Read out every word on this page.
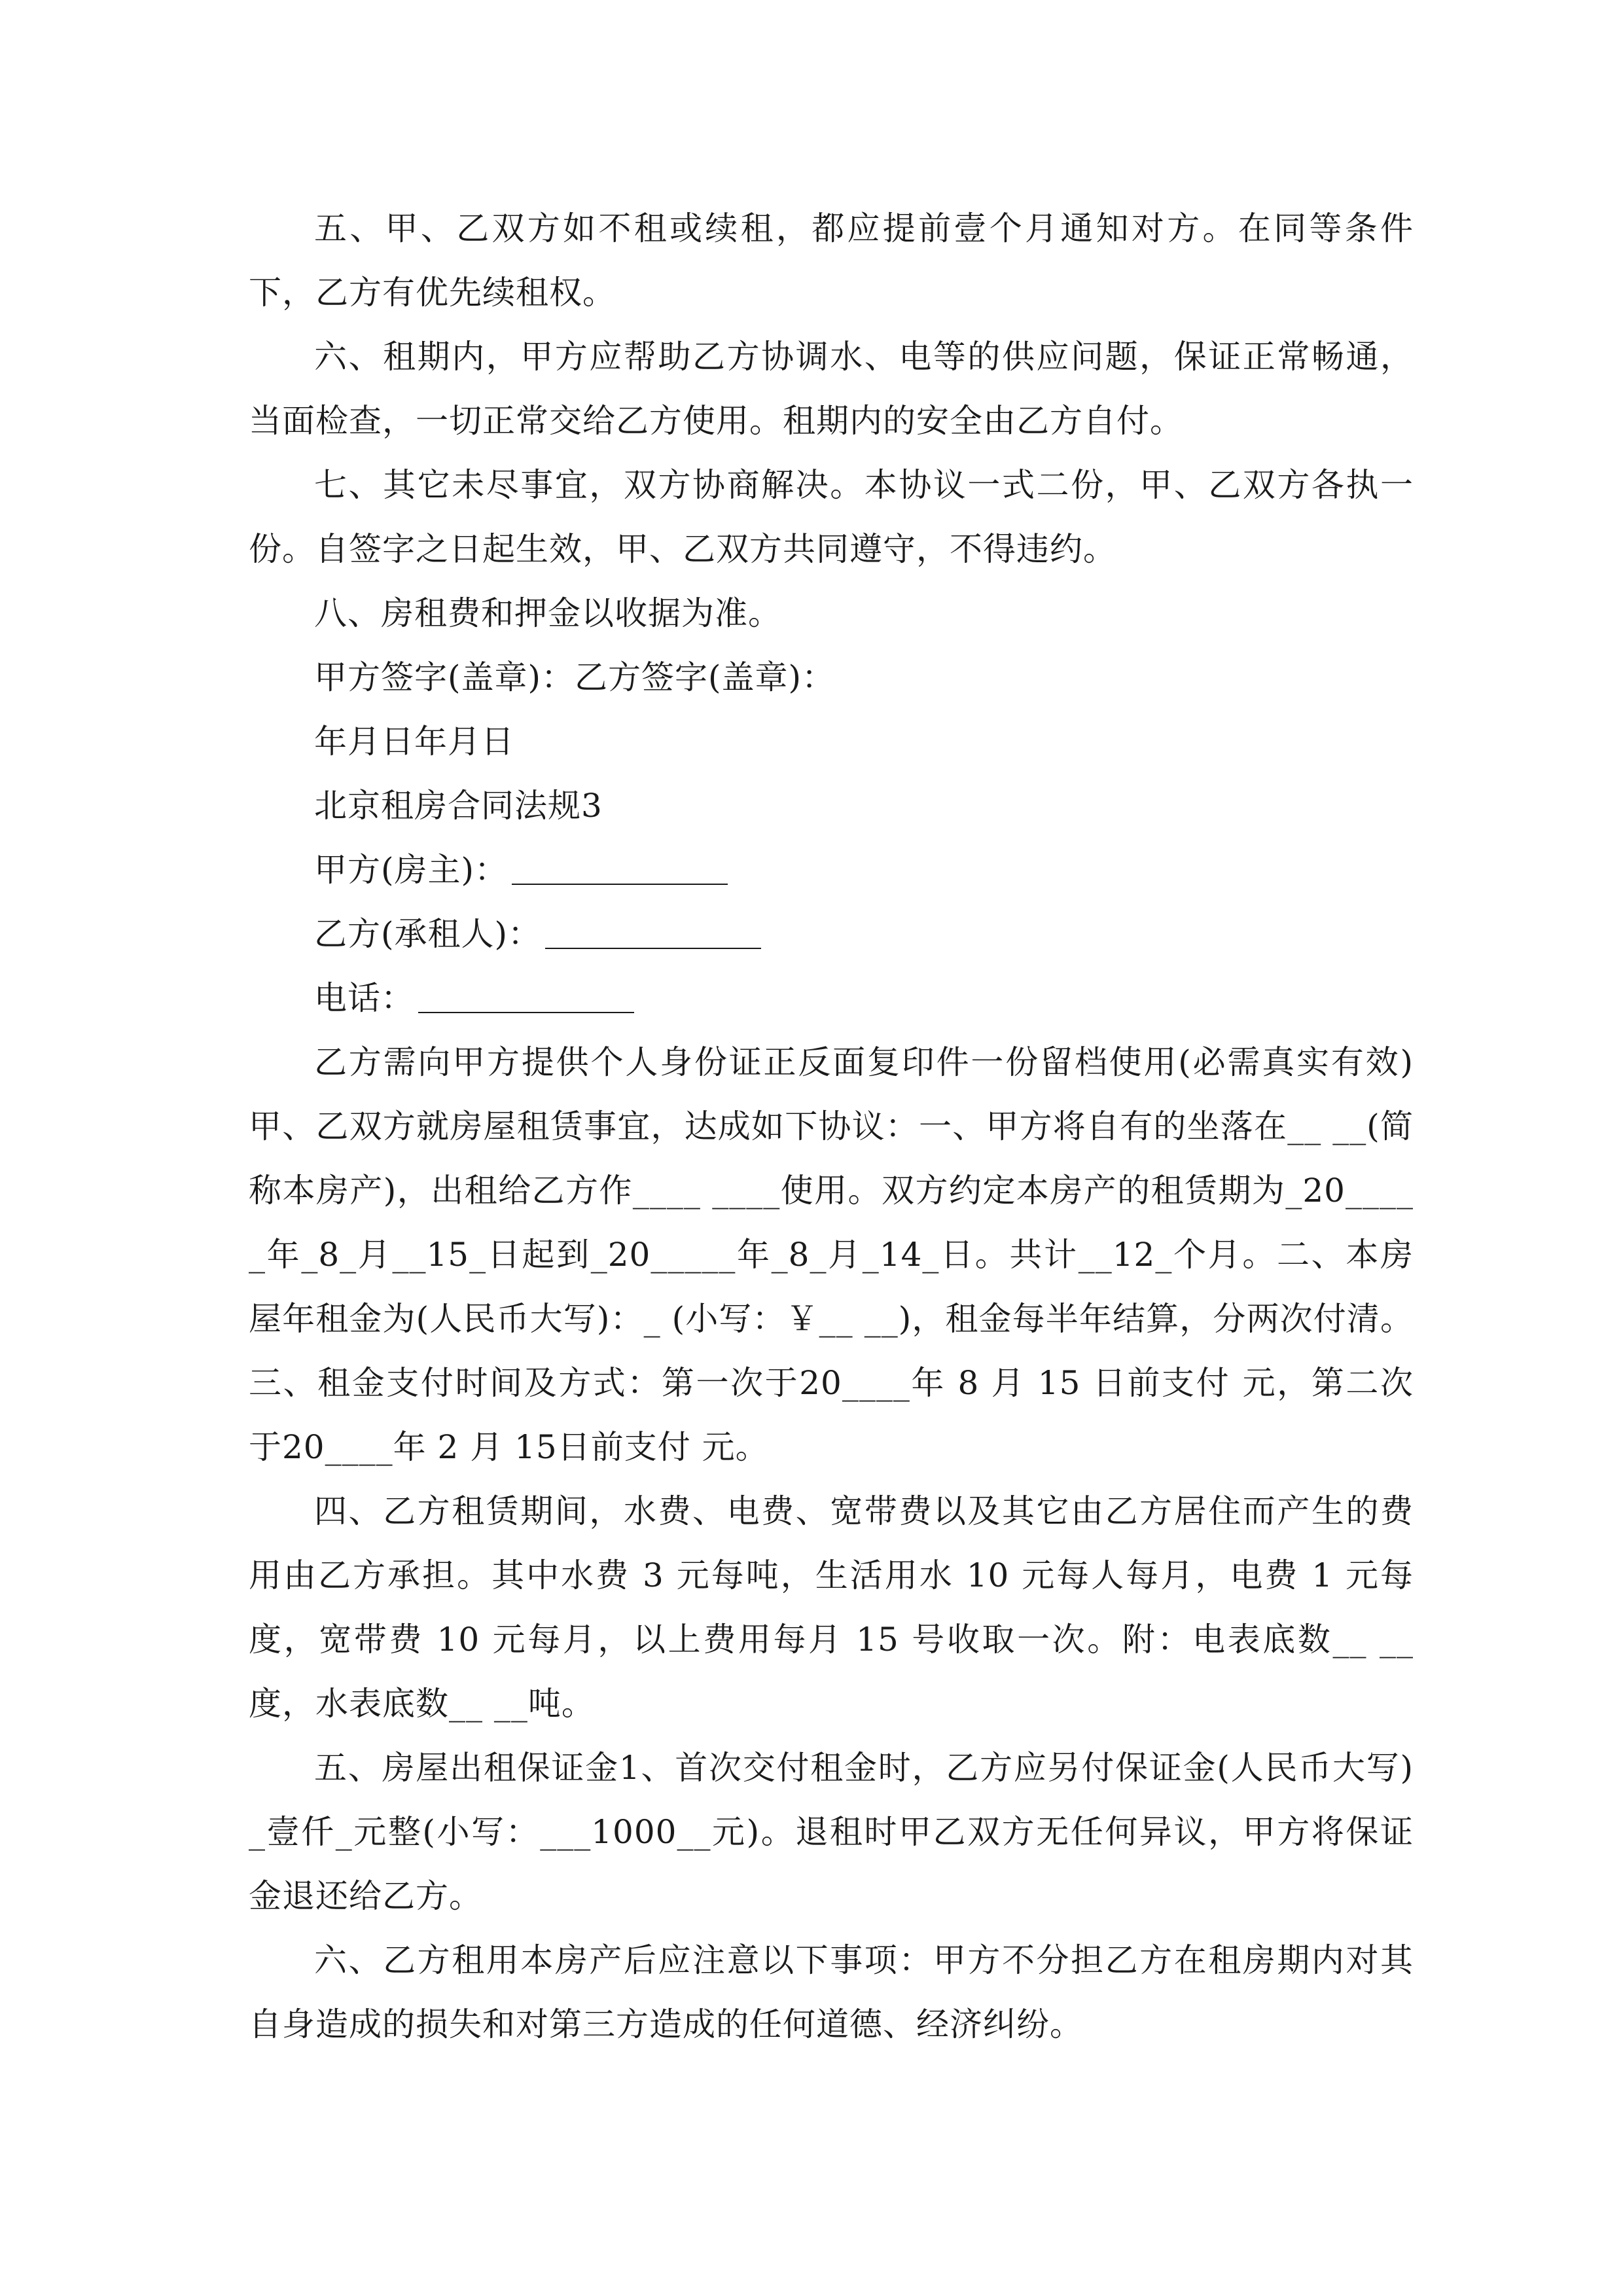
五、甲、乙双方如不租或续租，都应提前壹个月通知对方。在同等条件下，乙方有优先续租权。

六、租期内，甲方应帮助乙方协调水、电等的供应问题，保证正常畅通，当面检查，一切正常交给乙方使用。租期内的安全由乙方自付。

七、其它未尽事宜，双方协商解决。本协议一式二份，甲、乙双方各执一份。自签字之日起生效，甲、乙双方共同遵守，不得违约。

八、房租费和押金以收据为准。

甲方签字(盖章)：乙方签字(盖章)：

年月日年月日

北京租房合同法规3

甲方(房主)：

乙方(承租人)：

电话：

乙方需向甲方提供个人身份证正反面复印件一份留档使用(必需真实有效)甲、乙双方就房屋租赁事宜，达成如下协议：一、甲方将自有的坐落在__ __(简称本房产)，出租给乙方作____ ____使用。双方约定本房产的租赁期为_20_____年_8_月__15_日起到_20_____年_8_月_14_日。共计__12_个月。二、本房屋年租金为(人民币大写)：_ (小写：￥__ __)，租金每半年结算，分两次付清。三、租金支付时间及方式：第一次于20____年 8 月 15 日前支付 元，第二次于20____年 2 月 15日前支付 元。

四、乙方租赁期间，水费、电费、宽带费以及其它由乙方居住而产生的费用由乙方承担。其中水费 3 元每吨，生活用水 10 元每人每月，电费 1 元每度，宽带费 10 元每月，以上费用每月 15 号收取一次。附：电表底数__ __度，水表底数__ __吨。

五、房屋出租保证金1、首次交付租金时，乙方应另付保证金(人民币大写)_壹仟_元整(小写：___1000__元)。退租时甲乙双方无任何异议，甲方将保证金退还给乙方。

六、乙方租用本房产后应注意以下事项：甲方不分担乙方在租房期内对其自身造成的损失和对第三方造成的任何道德、经济纠纷。
